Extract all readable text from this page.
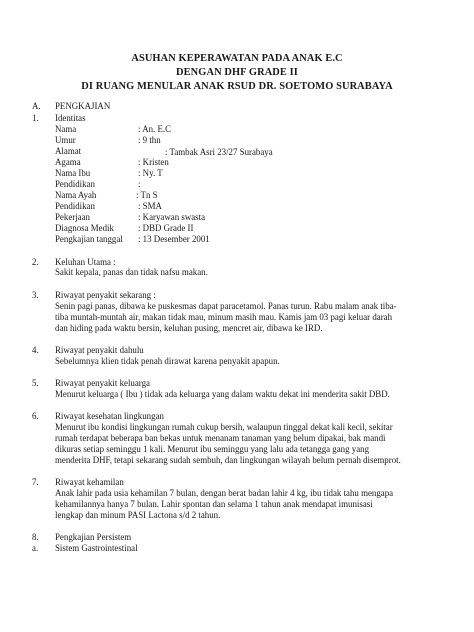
ASUHAN KEPERAWATAN PADA ANAK E.C
DENGAN DHF GRADE II
DI RUANG MENULAR ANAK RSUD DR. SOETOMO SURABAYA
A. PENGKAJIAN
1. Identitas
Nama	: An. E.C
Umur	: 9 thn
Alamat	: Tambak Asri 23/27 Surabaya
Agama	: Kristen
Nama Ibu	: Ny. T
Pendidikan	:
Nama Ayah	: Tn S
Pendidikan	: SMA
Pekerjaan	: Karyawan swasta
Diagnosa Medik	: DBD Grade II
Pengkajian tanggal : 13 Desember 2001
2. Keluhan Utama :
Sakit kepala, panas dan tidak nafsu makan.
3. Riwayat penyakit sekarang :
Senin pagi panas, dibawa ke puskesmas dapat paracetamol. Panas turun. Rabu malam anak tiba-
tiba muntah-muntah air, makan tidak mau, minum masih mau. Kamis jam 03 pagi keluar darah
dan hiding pada waktu bersin, keluhan pusing, mencret air, dibawa ke IRD.
4. Riwayat penyakit dahulu
Sebelumnya klien tidak penah dirawat karena penyakit apapun.
5. Riwayat penyakit keluarga
Menurut keluarga ( Ibu ) tidak ada keluarga yang dalam waktu dekat ini menderita sakit DBD.
6. Riwayat kesehatan lingkungan
Menurut ibu kondisi lingkungan rumah cukup bersih, walaupun tinggal dekat kali kecil, sekitar
rumah terdapat beberapa ban bekas untuk menanam tanaman yang belum dipakai, bak mandi
dikuras setiap seminggu 1 kali. Menurut ibu seminggu yang lalu ada tetangga gang yang
menderita DHF, tetapi sekarang sudah sembuh, dan lingkungan wilayah belum pernah disemprot.
7. Riwayat kehamilan
Anak lahir pada usia kehamilan 7 bulan, dengan berat badan lahir 4 kg, ibu tidak tahu mengapa
kehamilannya hanya 7 bulan. Lahir spontan dan selama 1 tahun anak mendapat imunisasi
lengkap dan minum PASI Lactona s/d 2 tahun.
8. Pengkajian Persistem
a. Sistem Gastrointestinal
